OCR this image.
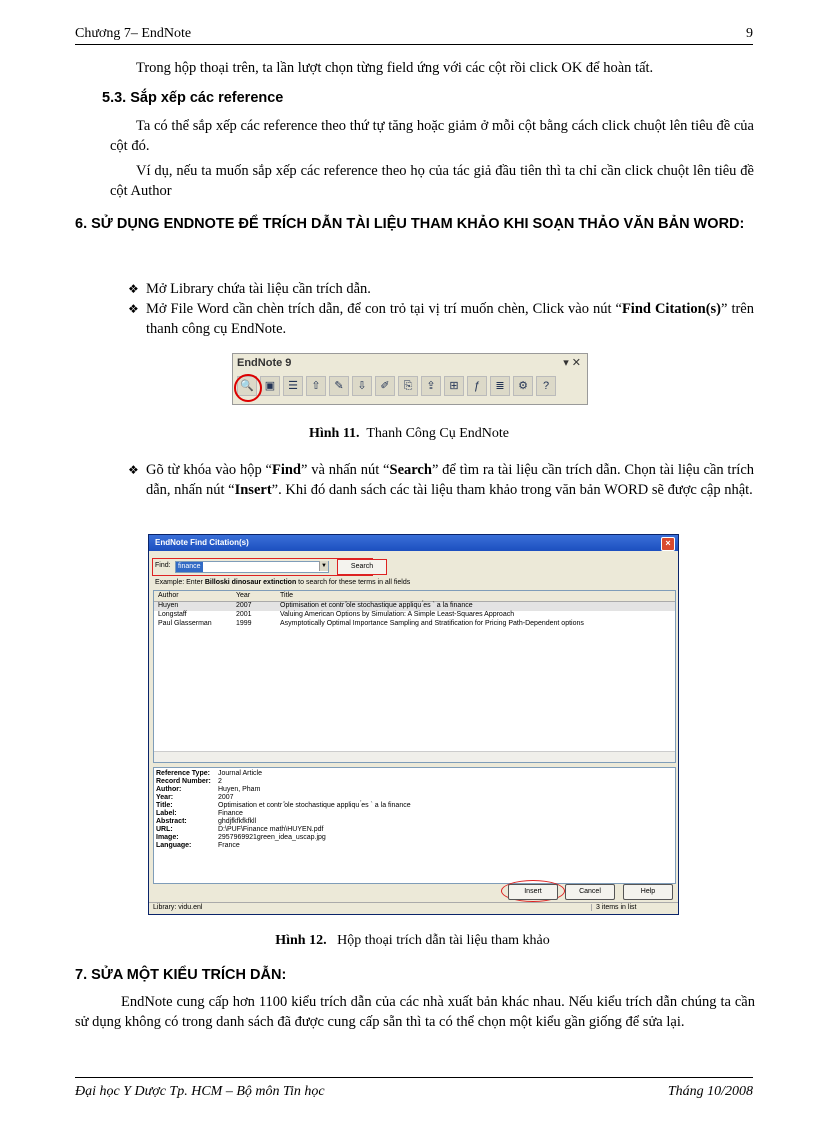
Chương 7– EndNote	9
Trong hộp thoại trên, ta lần lượt chọn từng field ứng với các cột rồi click OK để hoàn tất.
5.3. Sắp xếp các reference
Ta có thể sắp xếp các reference theo thứ tự tăng hoặc giảm ở mỗi cột bằng cách click chuột lên tiêu đề của cột đó.
Ví dụ, nếu ta muốn sắp xếp các reference theo họ của tác giả đầu tiên thì ta chỉ cần click chuột lên tiêu đề cột Author
6. SỬ DỤNG ENDNOTE ĐỂ TRÍCH DẪN TÀI LIỆU THAM KHẢO KHI SOẠN THẢO VĂN BẢN WORD:
❖ Mở Library chứa tài liệu cần trích dẫn.
❖ Mở File Word cần chèn trích dẫn, để con trỏ tại vị trí muốn chèn, Click vào nút “Find Citation(s)” trên thanh công cụ EndNote.
EndNote 9	▾ ✕
🔍 ▣	☰	⇧	✎	⇩	✐	⎘	⇪	⊞	ƒ	≣	⚙	?
Hình 11. Thanh Công Cụ EndNote
❖ Gõ từ khóa vào hộp “Find” và nhấn nút “Search” để tìm ra tài liệu cần trích dẫn. Chọn tài liệu cần trích dẫn, nhấn nút “Insert”. Khi đó danh sách các tài liệu tham khảo trong văn bản WORD sẽ được cập nhật.
EndNote Find Citation(s)	×
Find:	finance	▼	Search
Example: Enter Billoski dinosaur extinction to search for these terms in all fields
Author	Year	Title
Huyen	2007	Optimisation et contr ̂ole stochastique appliqu ́es ` a la finance
Longstaff	2001	Valuing American Options by Simulation: A Simple Least-Squares Approach
Paul Glasserman	1999	Asymptotically Optimal Importance Sampling and Stratification for Pricing Path-Dependent options
Reference Type: Journal Article
Record Number: 2
Author:	Huyen, Pham
Year:	2007
Title:	Optimisation et contr ̂ole stochastique appliqu ́es ` a la finance
Label:	Finance
Abstract:	ghdjfkfkfkfkll
URL:	D:\PUF\Finance math\HUYEN.pdf
Image:	2957969921green_idea_uscap.jpg
Language:	France
Insert	Cancel	Help
Library: vidu.enl	3 items in list
Hình 12. Hộp thoại trích dẫn tài liệu tham khảo
7. SỬA MỘT KIỂU TRÍCH DẪN:
EndNote cung cấp hơn 1100 kiểu trích dẫn của các nhà xuất bản khác nhau. Nếu kiểu trích dẫn chúng ta cần sử dụng không có trong danh sách đã được cung cấp sẵn thì ta có thể chọn một kiểu gần giống để sửa lại.
Đại học Y Dược Tp. HCM – Bộ môn Tin học	Tháng 10/2008
